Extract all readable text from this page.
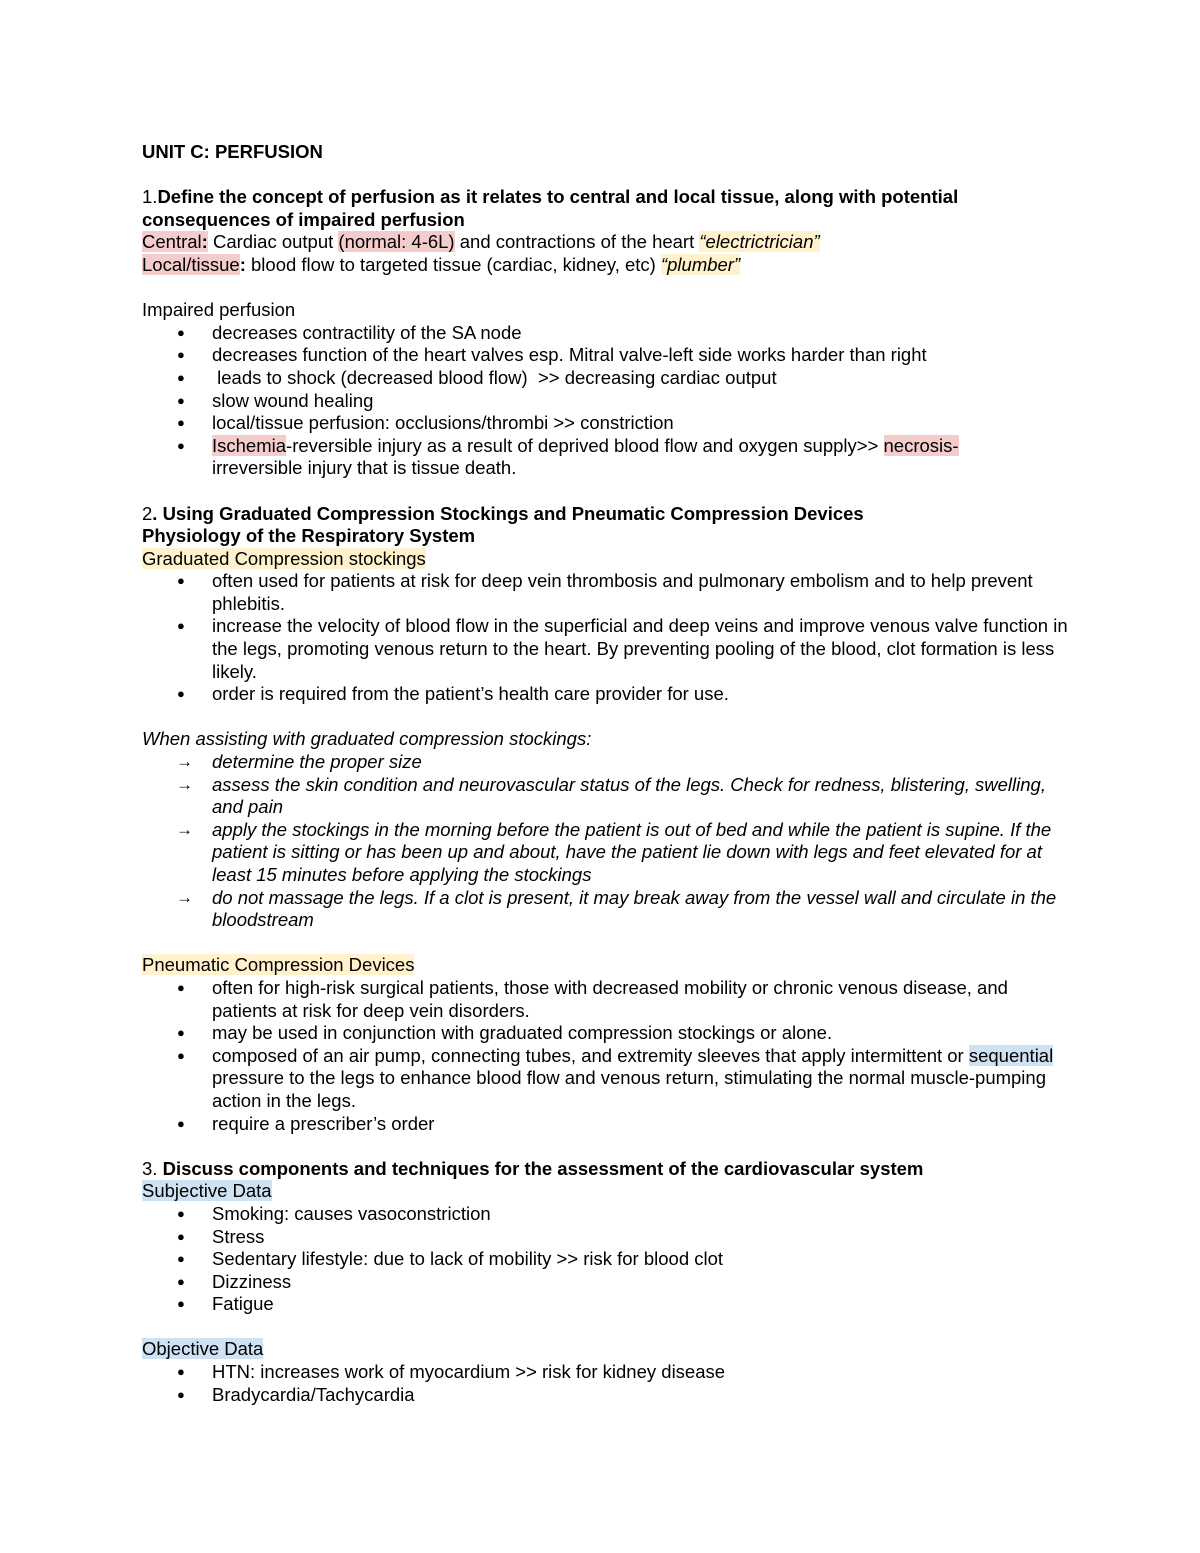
UNIT C: PERFUSION
1.Define the concept of perfusion as it relates to central and local tissue, along with potential consequences of impaired perfusion
Central: Cardiac output (normal: 4-6L) and contractions of the heart “electrictrician”
Local/tissue: blood flow to targeted tissue (cardiac, kidney, etc) “plumber”
Impaired perfusion
●	decreases contractility of the SA node
●	decreases function of the heart valves esp. Mitral valve-left side works harder than right
●	leads to shock (decreased blood flow)  >> decreasing cardiac output
●	slow wound healing
●	local/tissue perfusion: occlusions/thrombi >> constriction
●	Ischemia-reversible injury as a result of deprived blood flow and oxygen supply>> necrosis-
irreversible injury that is tissue death.
2. Using Graduated Compression Stockings and Pneumatic Compression Devices
Physiology of the Respiratory System
Graduated Compression stockings
●	often used for patients at risk for deep vein thrombosis and pulmonary embolism and to help prevent phlebitis.
●	increase the velocity of blood flow in the superficial and deep veins and improve venous valve function in the legs, promoting venous return to the heart. By preventing pooling of the blood, clot formation is less likely.
●	order is required from the patient’s health care provider for use.
When assisting with graduated compression stockings:
→ determine the proper size
→ assess the skin condition and neurovascular status of the legs. Check for redness, blistering, swelling, and pain
→ apply the stockings in the morning before the patient is out of bed and while the patient is supine. If the patient is sitting or has been up and about, have the patient lie down with legs and feet elevated for at least 15 minutes before applying the stockings
→ do not massage the legs. If a clot is present, it may break away from the vessel wall and circulate in the bloodstream
Pneumatic Compression Devices
●	often for high-risk surgical patients, those with decreased mobility or chronic venous disease, and patients at risk for deep vein disorders.
●	may be used in conjunction with graduated compression stockings or alone.
●	composed of an air pump, connecting tubes, and extremity sleeves that apply intermittent or sequential pressure to the legs to enhance blood flow and venous return, stimulating the normal muscle-pumping action in the legs.
●	require a prescriber’s order
3. Discuss components and techniques for the assessment of the cardiovascular system
Subjective Data
●	Smoking: causes vasoconstriction
●	Stress
●	Sedentary lifestyle: due to lack of mobility >> risk for blood clot
●	Dizziness
●	Fatigue
Objective Data
●	HTN: increases work of myocardium >> risk for kidney disease
●	Bradycardia/Tachycardia
